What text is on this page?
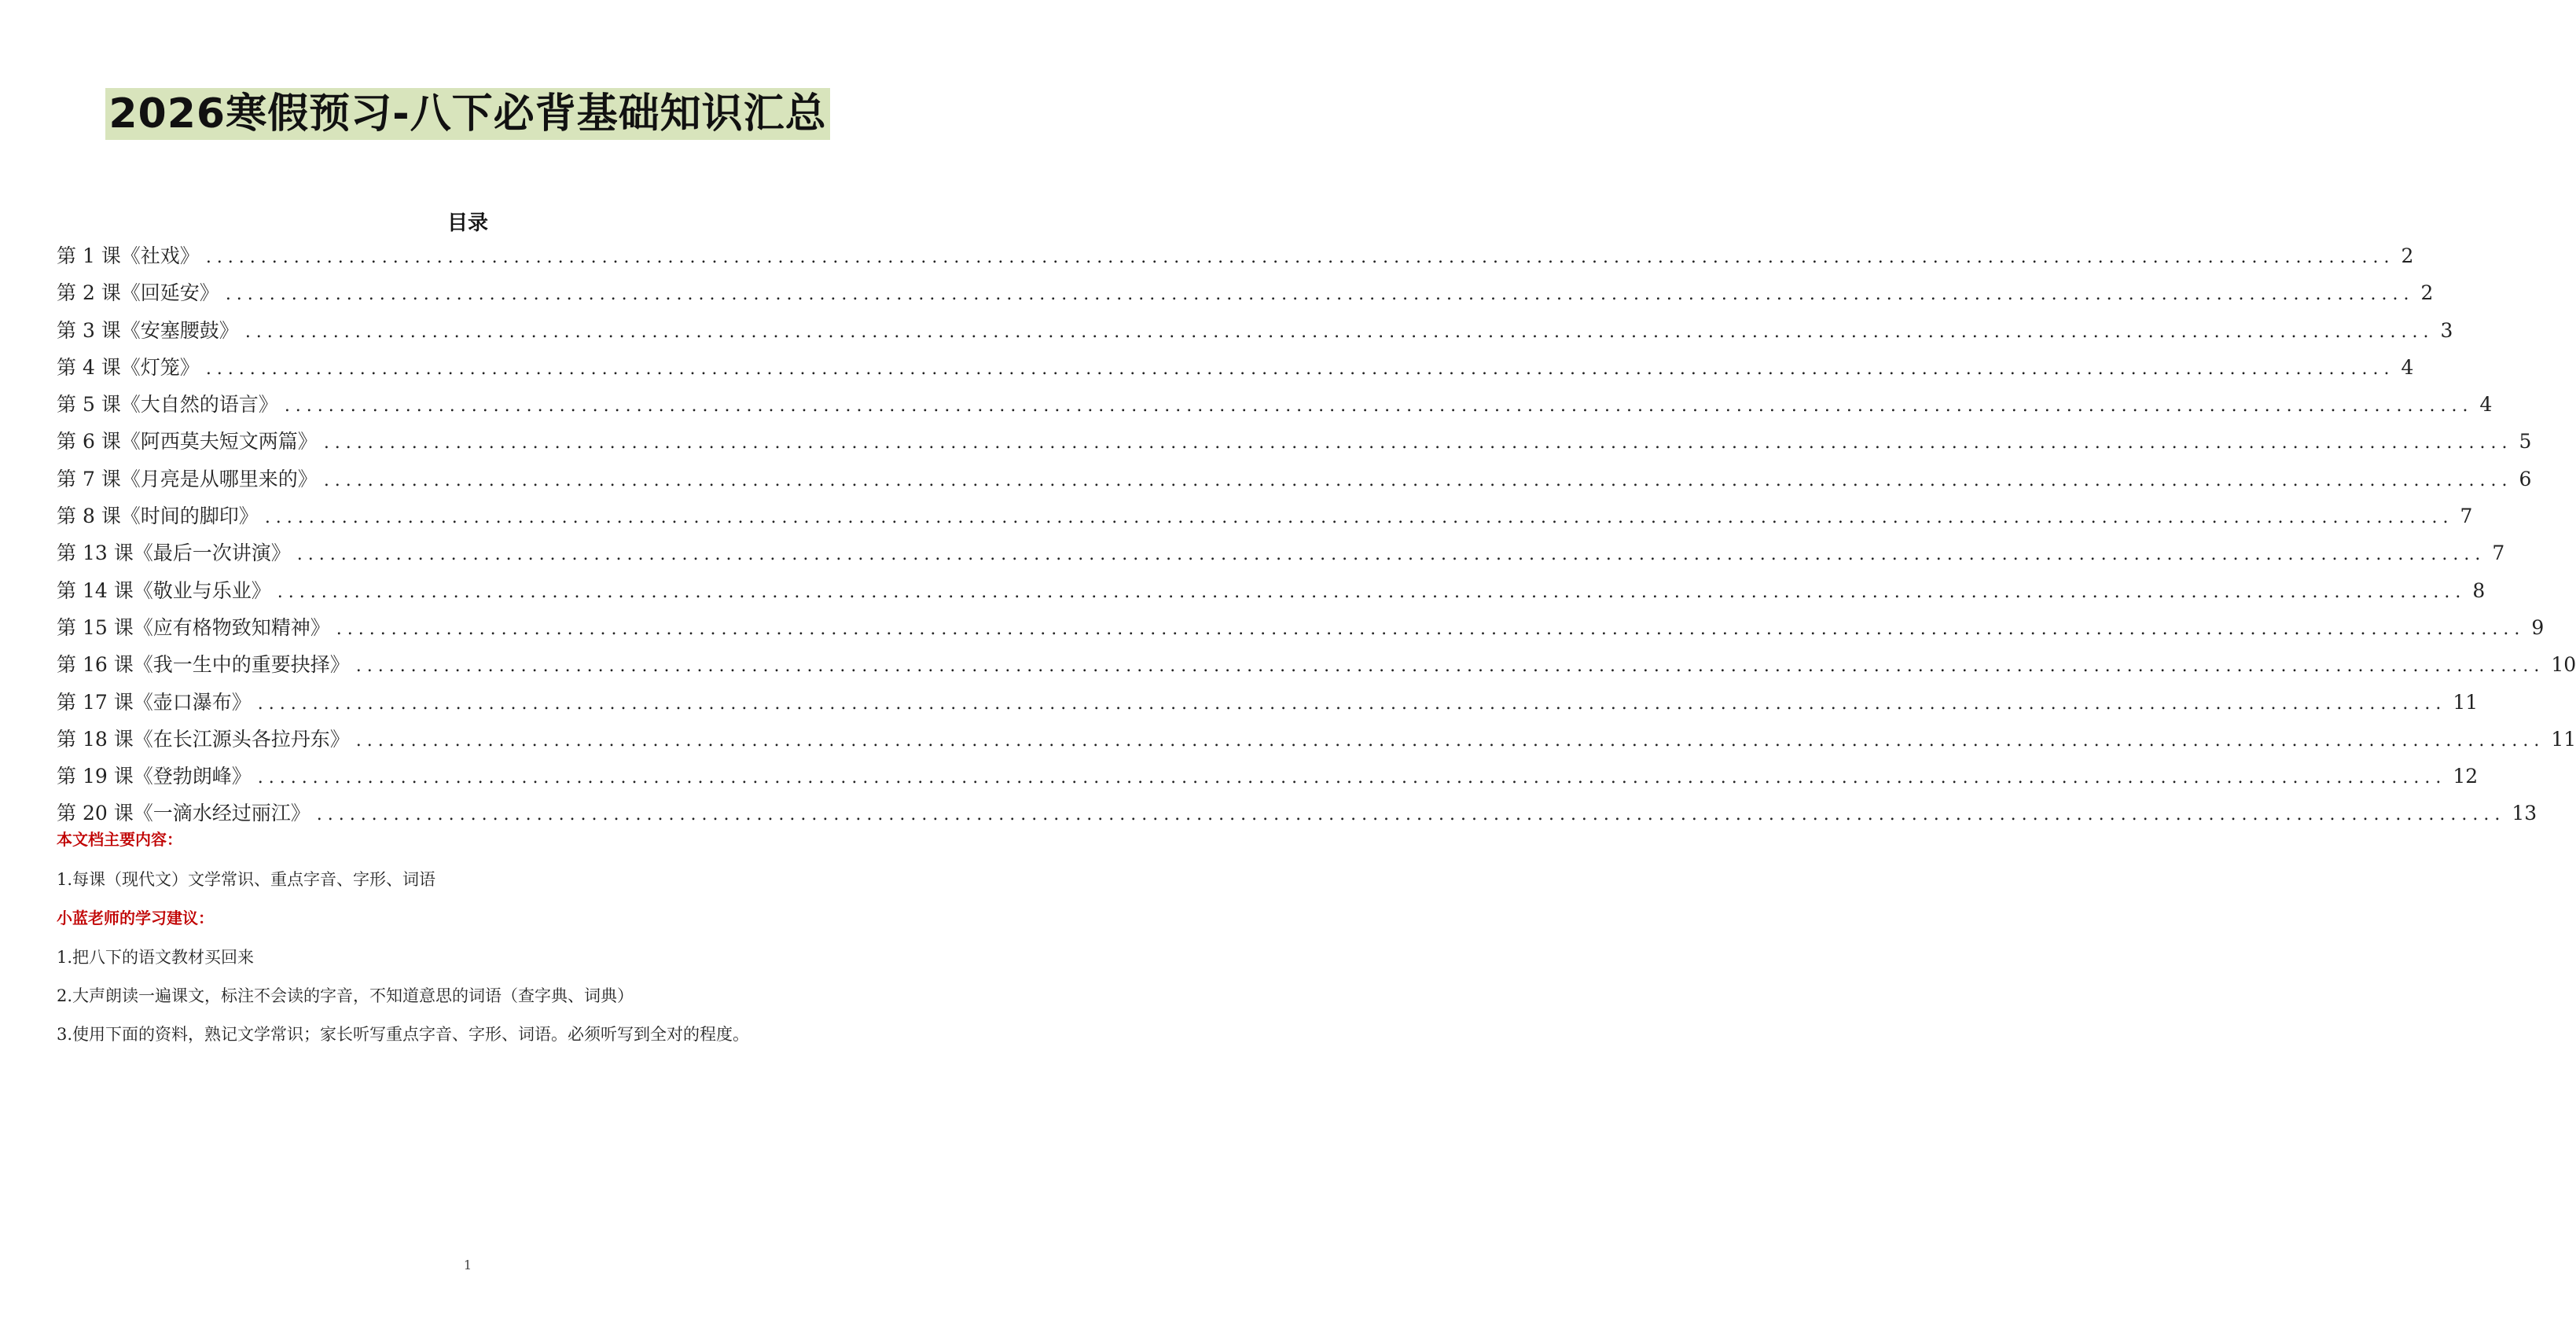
2026寒假预习-八下必背基础知识汇总
目录
第 1 课《社戏》 ....................................................................................................................................................................................................... 2
第 2 课《回延安》 ....................................................................................................................................................................................................... 2
第 3 课《安塞腰鼓》 ....................................................................................................................................................................................................... 3
第 4 课《灯笼》 ....................................................................................................................................................................................................... 4
第 5 课《大自然的语言》 ....................................................................................................................................................................................................... 4
第 6 课《阿西莫夫短文两篇》 ....................................................................................................................................................................................................... 5
第 7 课《月亮是从哪里来的》 ....................................................................................................................................................................................................... 6
第 8 课《时间的脚印》 ....................................................................................................................................................................................................... 7
第 13 课《最后一次讲演》 ....................................................................................................................................................................................................... 7
第 14 课《敬业与乐业》 ....................................................................................................................................................................................................... 8
第 15 课《应有格物致知精神》 ....................................................................................................................................................................................................... 9
第 16 课《我一生中的重要抉择》 ....................................................................................................................................................................................................... 10
第 17 课《壶口瀑布》 ....................................................................................................................................................................................................... 11
第 18 课《在长江源头各拉丹东》 ....................................................................................................................................................................................................... 11
第 19 课《登勃朗峰》 ....................................................................................................................................................................................................... 12
第 20 课《一滴水经过丽江》 ....................................................................................................................................................................................................... 13
本文档主要内容：
1.每课（现代文）文学常识、重点字音、字形、词语
小蓝老师的学习建议：
1.把八下的语文教材买回来
2.大声朗读一遍课文，标注不会读的字音，不知道意思的词语（查字典、词典）
3.使用下面的资料，熟记文学常识；家长听写重点字音、字形、词语。必须听写到全对的程度。
1
